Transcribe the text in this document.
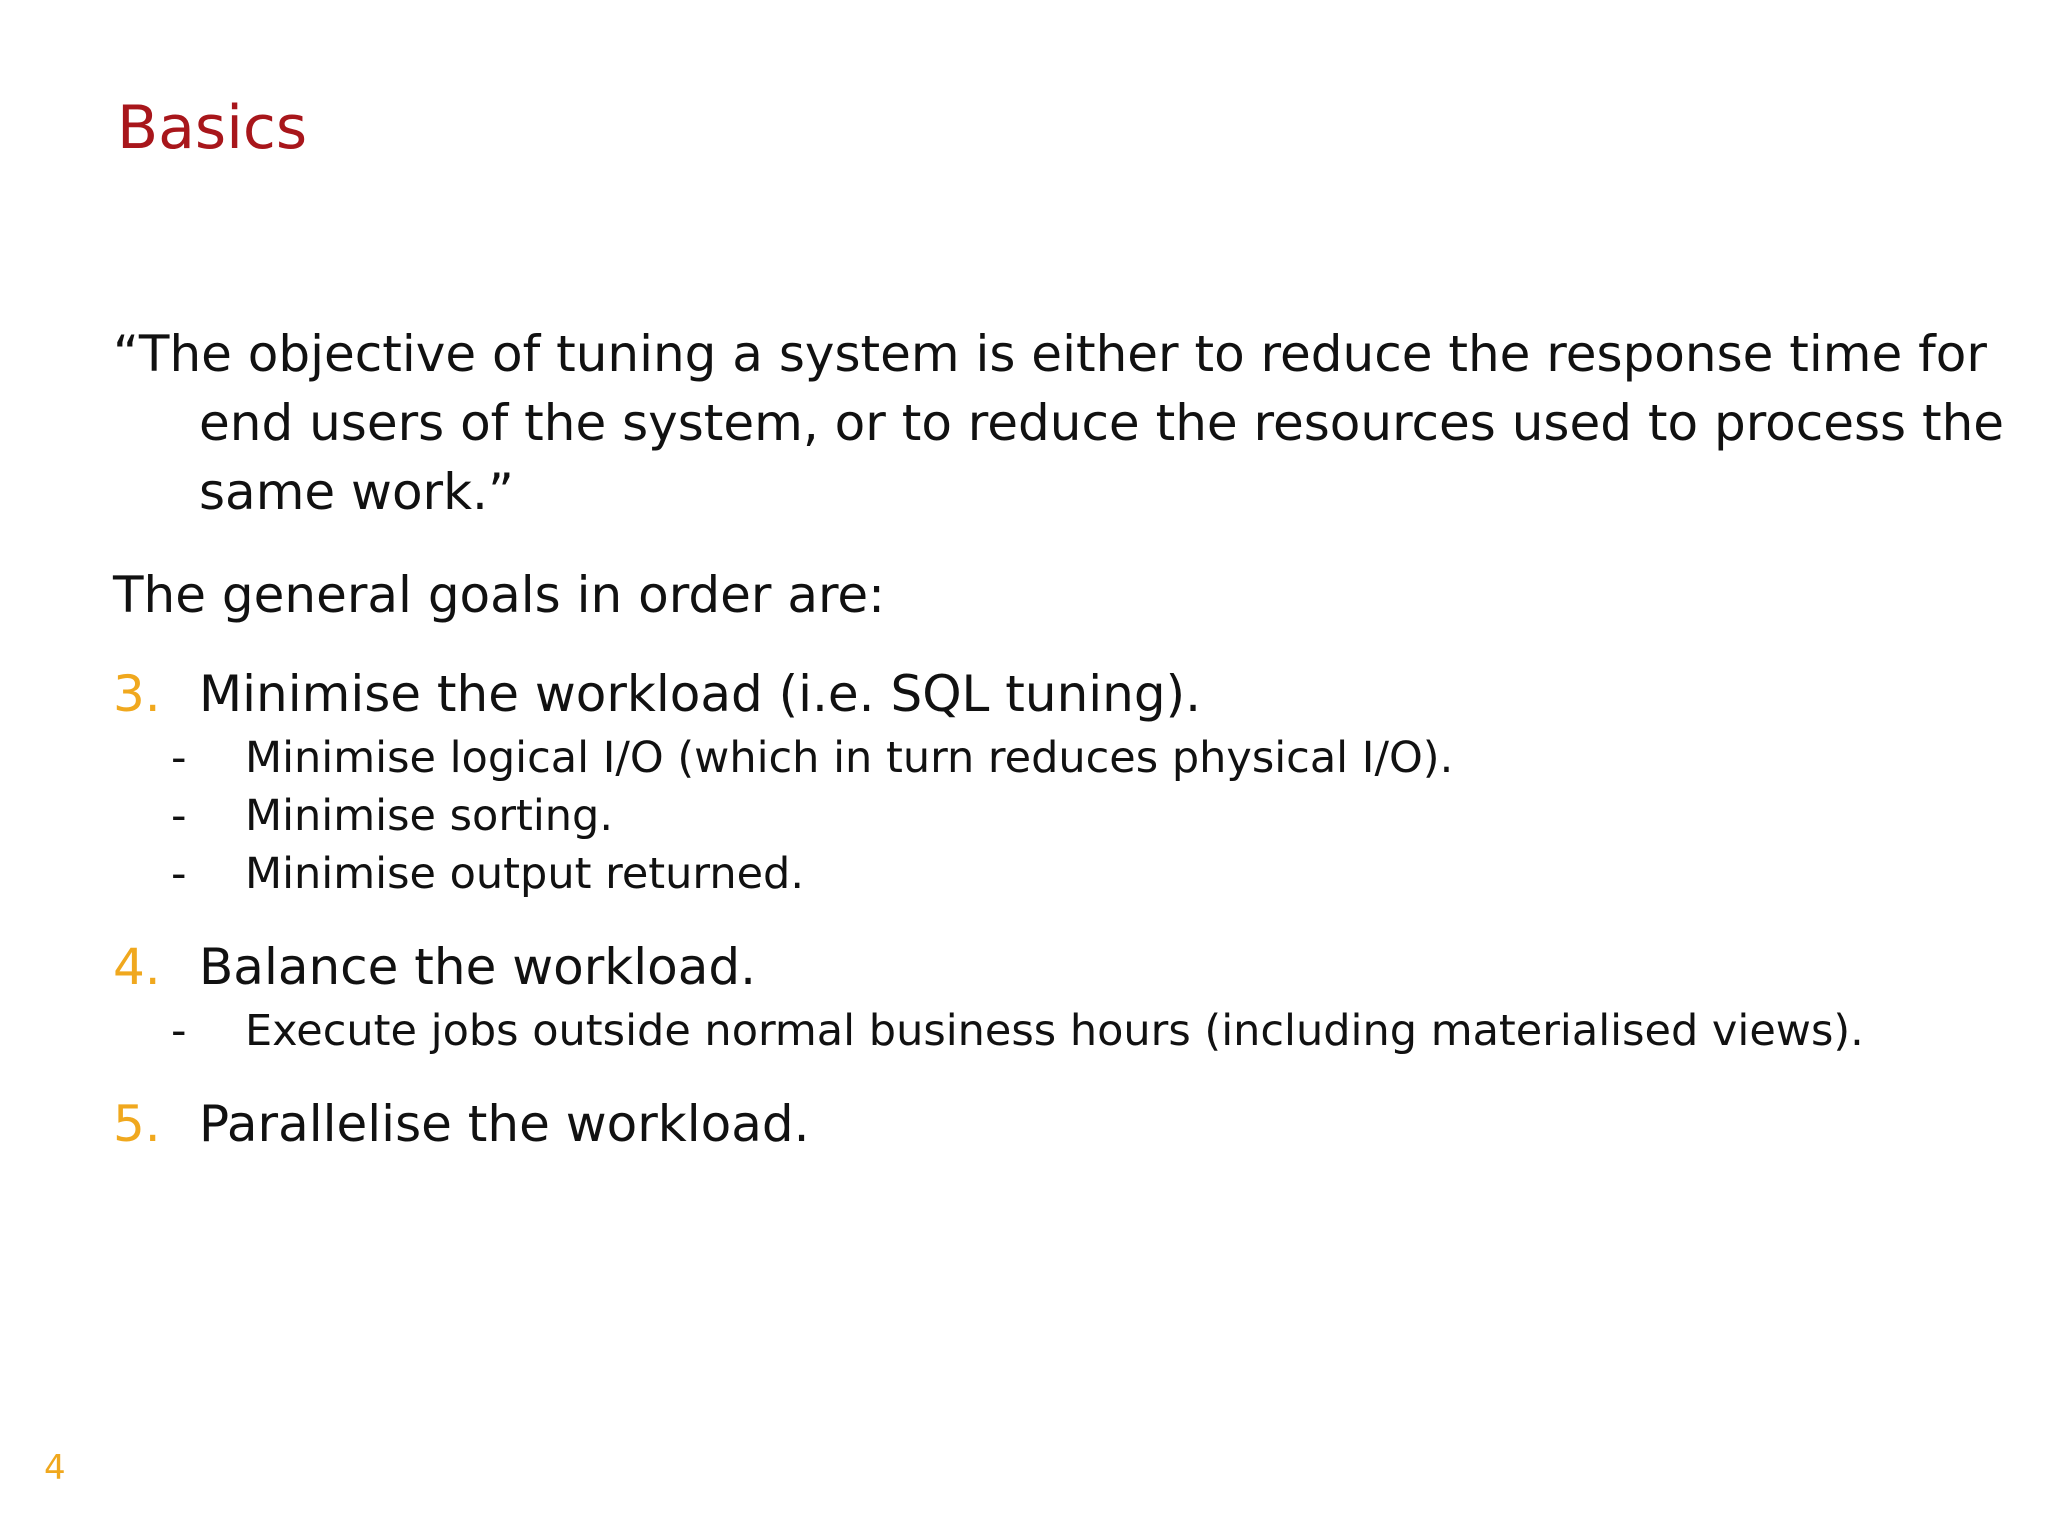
Basics

“The objective of tuning a system is either to reduce the response time for end users of the system, or to reduce the resources used to process the same work.”

The general goals in order are:

3. Minimise the workload (i.e. SQL tuning).
- Minimise logical I/O (which in turn reduces physical I/O).
- Minimise sorting.
- Minimise output returned.
4. Balance the workload.
- Execute jobs outside normal business hours (including materialised views).
5. Parallelise the workload.
4
